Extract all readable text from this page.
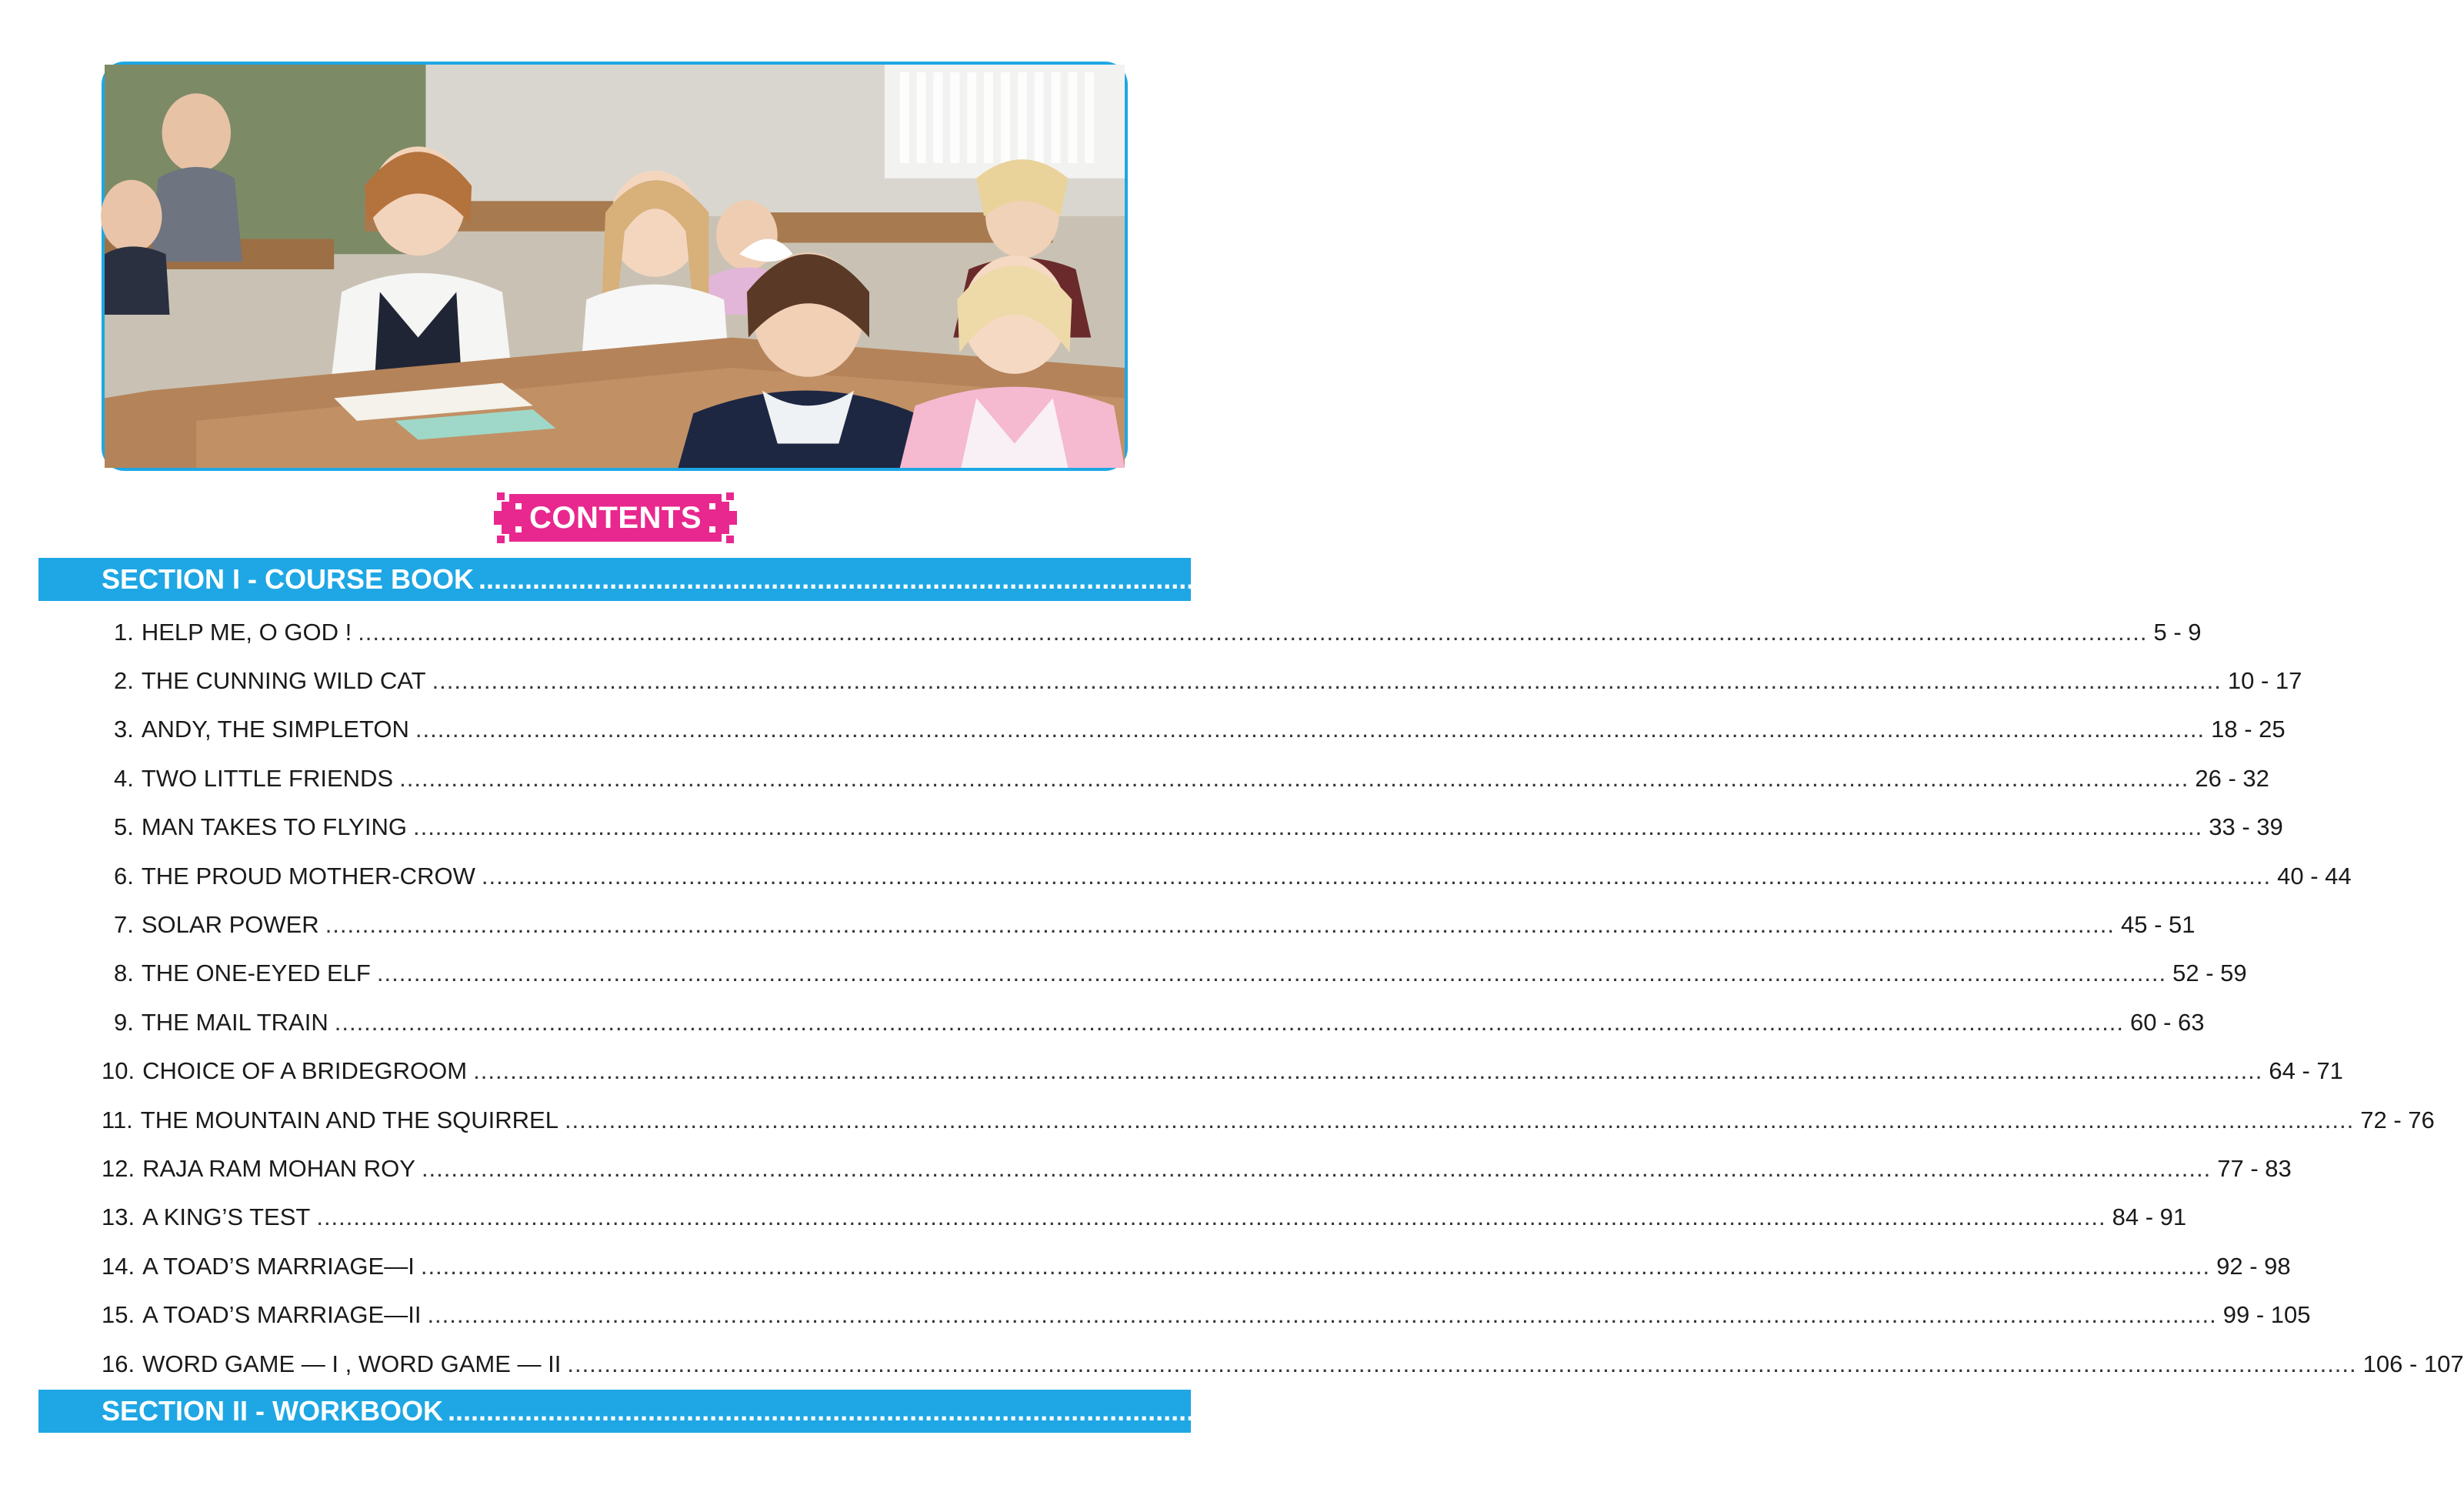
CONTENTS
SECTION I - COURSE BOOK ................................................................................................................................................................ 4 - 107
1. HELP ME, O GOD ! .................................................................................................................................................................................................................................................. 5 - 9
2. THE CUNNING WILD CAT .................................................................................................................................................................................................................................................. 10 - 17
3. ANDY, THE SIMPLETON .................................................................................................................................................................................................................................................. 18 - 25
4. TWO LITTLE FRIENDS .................................................................................................................................................................................................................................................. 26 - 32
5. MAN TAKES TO FLYING .................................................................................................................................................................................................................................................. 33 - 39
6. THE PROUD MOTHER-CROW .................................................................................................................................................................................................................................................. 40 - 44
7. SOLAR POWER .................................................................................................................................................................................................................................................. 45 - 51
8. THE ONE-EYED ELF .................................................................................................................................................................................................................................................. 52 - 59
9. THE MAIL TRAIN .................................................................................................................................................................................................................................................. 60 - 63
10. CHOICE OF A BRIDEGROOM .................................................................................................................................................................................................................................................. 64 - 71
11. THE MOUNTAIN AND THE SQUIRREL .................................................................................................................................................................................................................................................. 72 - 76
12. RAJA RAM MOHAN ROY .................................................................................................................................................................................................................................................. 77 - 83
13. A KING’S TEST .................................................................................................................................................................................................................................................. 84 - 91
14. A TOAD’S MARRIAGE—I .................................................................................................................................................................................................................................................. 92 - 98
15. A TOAD’S MARRIAGE—II .................................................................................................................................................................................................................................................. 99 - 105
16. WORD GAME — I , WORD GAME — II .................................................................................................................................................................................................................................................. 106 - 107
SECTION II - WORKBOOK ................................................................................................................................................................ 108-152
